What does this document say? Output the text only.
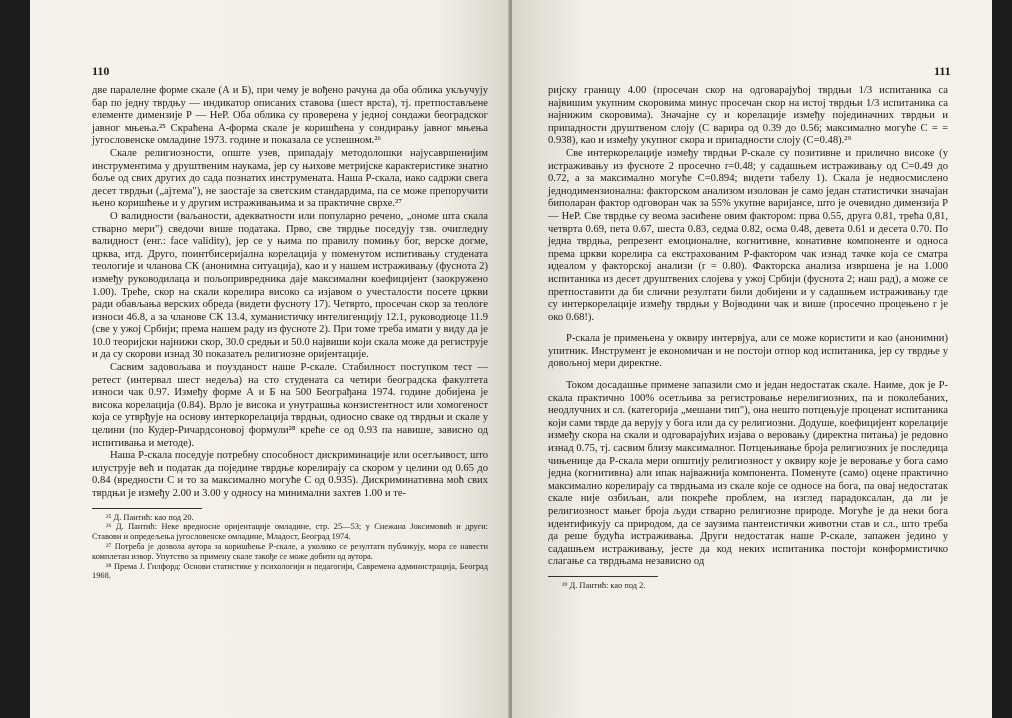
110

две паралелне форме скале (А и Б), при чему је вођено рачуна да оба облика укључују бар по једну тврдњу — индикатор описаних ставова (шест врста), тј. претпостављене елементе димензије Р — НеР. Оба облика су проверена у једној сондажи београдског јавног мњења.²⁵ Скраћена А-форма скале је коришћена у сондирању јавног мњења југословенске омладине 1973. године и показала се успешном.²⁶

Скале религиозности, опште узев, припадају методолошки најусавршенијим инструментима у друштвеним наукама, јер су њихове метријске карактеристике знатно боље од свих других до сада познатих инструмената. Наша Р-скала, иако садржи свега десет тврдњи („ајтема"), не заостаје за светским стандардима, па се може препоручити њено коришћење и у другим истраживањима и за практичне сврхе.²⁷

О валидности (ваљаности, адекватности или популарно речено, „ономе шта скала стварно мери") сведочи више података. Прво, све тврдње поседују тзв. очигледну валидност (енг.: face validity), јер се у њима по правилу помињу бог, верске догме, црква, итд. Друго, поинтбисеријална корелација у поменутом испитивању студената теологије и чланова СК (анонимна ситуација), као и у нашем истраживању (фуснота 2) између руководилаца и пољопривредника даје максимални коефицијент (заокружено 1.00). Треће, скор на скали корелира високо са изјавом о учесталости посете цркви ради обављања верских обреда (видети фусноту 17). Четврто, просечан скор за теологе износи 46.8, а за чланове СК 13.4, хуманистичку интелигенцију 12.1, руководиоце 11.9 (све у ужој Србији; према нашем раду из фусноте 2). При томе треба имати у виду да је 10.0 теоријски најнижи скор, 30.0 средњи и 50.0 највиши који скала може да региструје и да су скорови изнад 30 показатељ религиозне оријентације.

Сасвим задовољава и поузданост наше Р-скале. Стабилност поступком тест — ретест (интервал шест недеља) на сто студената са четири београдска факултета износи чак 0.97. Између форме А и Б на 500 Београђана 1974. године добијена је висока корелација (0.84). Врло је висока и унутрашња конзистентност или хомогеност која се утврђује на основу интеркорелација тврдњи, односно сваке од тврдњи и скале у целини (по Кудер-Ричардсоновој формули²⁸ креће се од 0.93 па навише, зависно од испитивања и методе).

Наша Р-скала поседује потребну способност дискриминације или осетљивост, што илуструје већ и податак да поједине тврдње корелирају са скором у целини од 0.65 до 0.84 (вредности С и то за максимално могуће С од 0.935). Дискриминативна моћ свих тврдњи је између 2.00 и 3.00 у односу на минимални захтев 1.00 и те-

²⁵ Д. Пантић: као под 20.

²⁶ Д. Пантић: Неке вредносне оријентације омладине, стр. 25—53; у Снежана Јоксимовић и други: Ставови и опредељења југословенске омладине, Младост, Београд 1974.

²⁷ Потреба је дозвола аутора за коришћење Р-скале, а уколико се резултати публикују, мора се навести комплетан извор. Упутство за примену скале такође се може добити од аутора.

²⁸ Према Ј. Гилфорд: Основи статистике у психологији и педагогији, Савремена администрација, Београд 1968.

111

ријску границу 4.00 (просечан скор на одговарајућој тврдњи 1/3 испитаника са највишим укупним скоровима минус просечан скор на истој тврдњи 1/3 испитаника са најнижим скоровима). Значајне су и корелације између појединачних тврдњи и припадности друштвеном слоју (С варира од 0.39 до 0.56; максимално могуће С = = 0.938), као и између укупног скора и припадности слоју (С=0.48).²⁹

Све интеркорелације између тврдњи Р-скале су позитивне и прилично високе (у истраживању из фусноте 2 просечно r=0.48; у садашњем истраживању од С=0.49 до 0.72, а за максимално могуће С=0.894; видети табелу 1). Скала је недвосмислено једнодимензионална: факторском анализом изолован је само један статистички значајан биполаран фактор одговоран чак за 55% укупне варијансе, што је очевидно димензија Р — НеР. Све тврдње су веома засићене овим фактором: прва 0.55, друга 0.81, трећа 0,81, четврта 0.69, пета 0.67, шеста 0.83, седма 0.82, осма 0.48, девета 0.61 и десета 0.70. По једна тврдња, репрезент емоционалне, когнитивне, конативне компоненте и односа према цркви корелира са екстрахованим Р-фактором чак изнад тачке која се сматра идеалом у факторској анализи (r = 0.80). Факторска анализа извршена је на 1.000 испитаника из десет друштвених слојева у ужој Србији (фуснота 2; наш рад), а може се претпоставити да би слични резултати били добијени и у садашњем истраживању где су интеркорелације између тврдњи у Војводини чак и више (просечно процењено r је око 0.68!).

Р-скала је примењена у оквиру интервјуа, али се може користити и као (анонимни) упитник. Инструмент је економичан и не постоји отпор код испитаника, јер су тврдње у довољној мери директне.

Током досадашње примене запазили смо и један недостатак скале. Наиме, док је Р-скала практично 100% осетљива за регистровање нерелигиозних, па и поколебаних, неодлучних и сл. (категорија „мешани тип"), она нешто потцењује проценат испитаника који сами тврде да верују у бога или да су религиозни. Додуше, коефицијент корелације између скора на скали и одговарајућих изјава о веровању (директна питања) је редовно изнад 0.75, тј. сасвим близу максималног. Потцењивање броја религиозних је последица чињенице да Р-скала мери општију религиозност у оквиру које је веровање у бога само једна (когнитивна) али ипак најважнија компонента. Поменуте (само) оцене практично максимално корелирају са тврдњама из скале које се односе на бога, па овај недостатак скале није озбиљан, али покреће проблем, на изглед парадоксалан, да ли је религиозност мањег броја људи стварно религиозне природе. Могуће је да неки бога идентификују са природом, да се заузима пантеистички животни став и сл., што треба да реше будућа истраживања. Други недостатак наше Р-скале, запажен једино у садашњем истраживању, јесте да код неких испитаника постоји конформистичко слагање са тврдњама независно од

²⁹ Д. Пантић: као под 2.
